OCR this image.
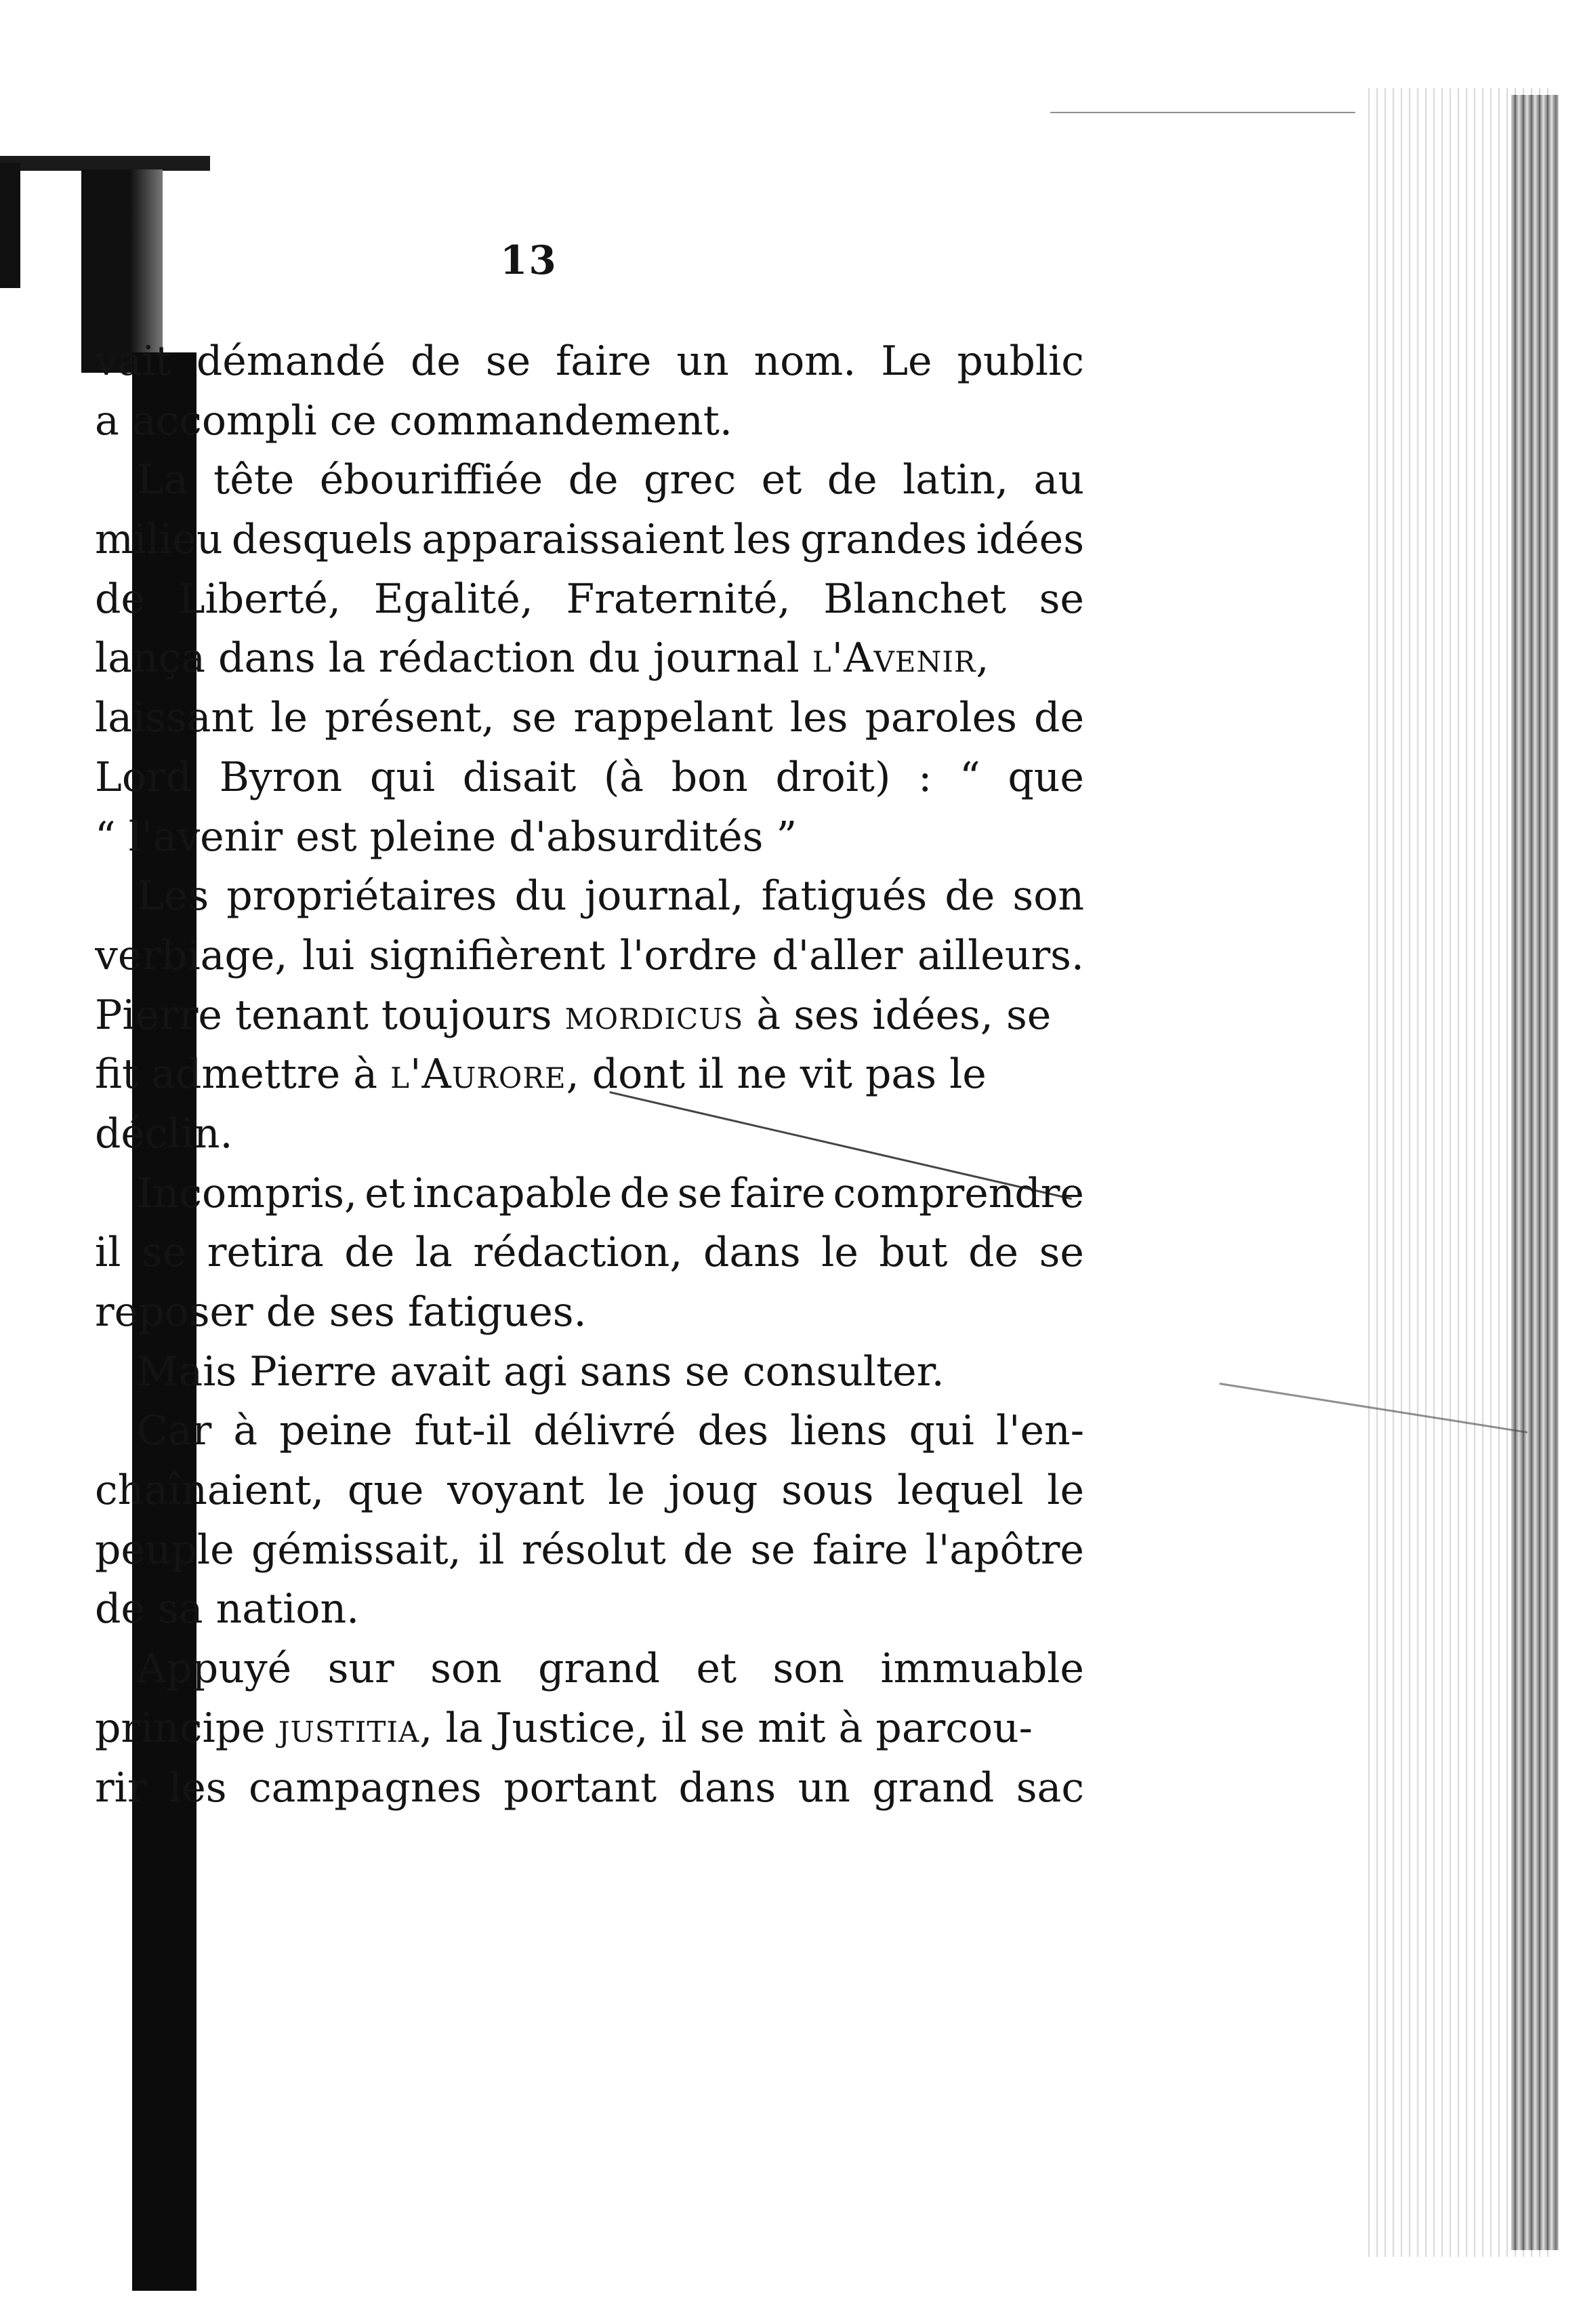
13
vait démandé de se faire un nom. Le public
a accompli ce commandement.
La tête ébouriffiée de grec et de latin, au
milieu desquels apparaissaient les grandes idées
de Liberté, Egalité, Fraternité, Blanchet se
lança dans la rédaction du journal l'Avenir,
laissant le présent, se rappelant les paroles de
Lord Byron qui disait (à bon droit) : “ que
“ l'avenir est pleine d'absurdités ”
Les propriétaires du journal, fatigués de son
verbiage, lui signifièrent l'ordre d'aller ailleurs.
Pierre tenant toujours mordicus à ses idées, se
fit admettre à l'Aurore, dont il ne vit pas le
déclin.
Incompris, et incapable de se faire comprendre
il se retira de la rédaction, dans le but de se
reposer de ses fatigues.
Mais Pierre avait agi sans se consulter.
Car à peine fut-il délivré des liens qui l'en-
chaînaient, que voyant le joug sous lequel le
peuple gémissait, il résolut de se faire l'apôtre
de sa nation.
Appuyé sur son grand et son immuable
principe justitia, la Justice, il se mit à parcou-
rir les campagnes portant dans un grand sac
